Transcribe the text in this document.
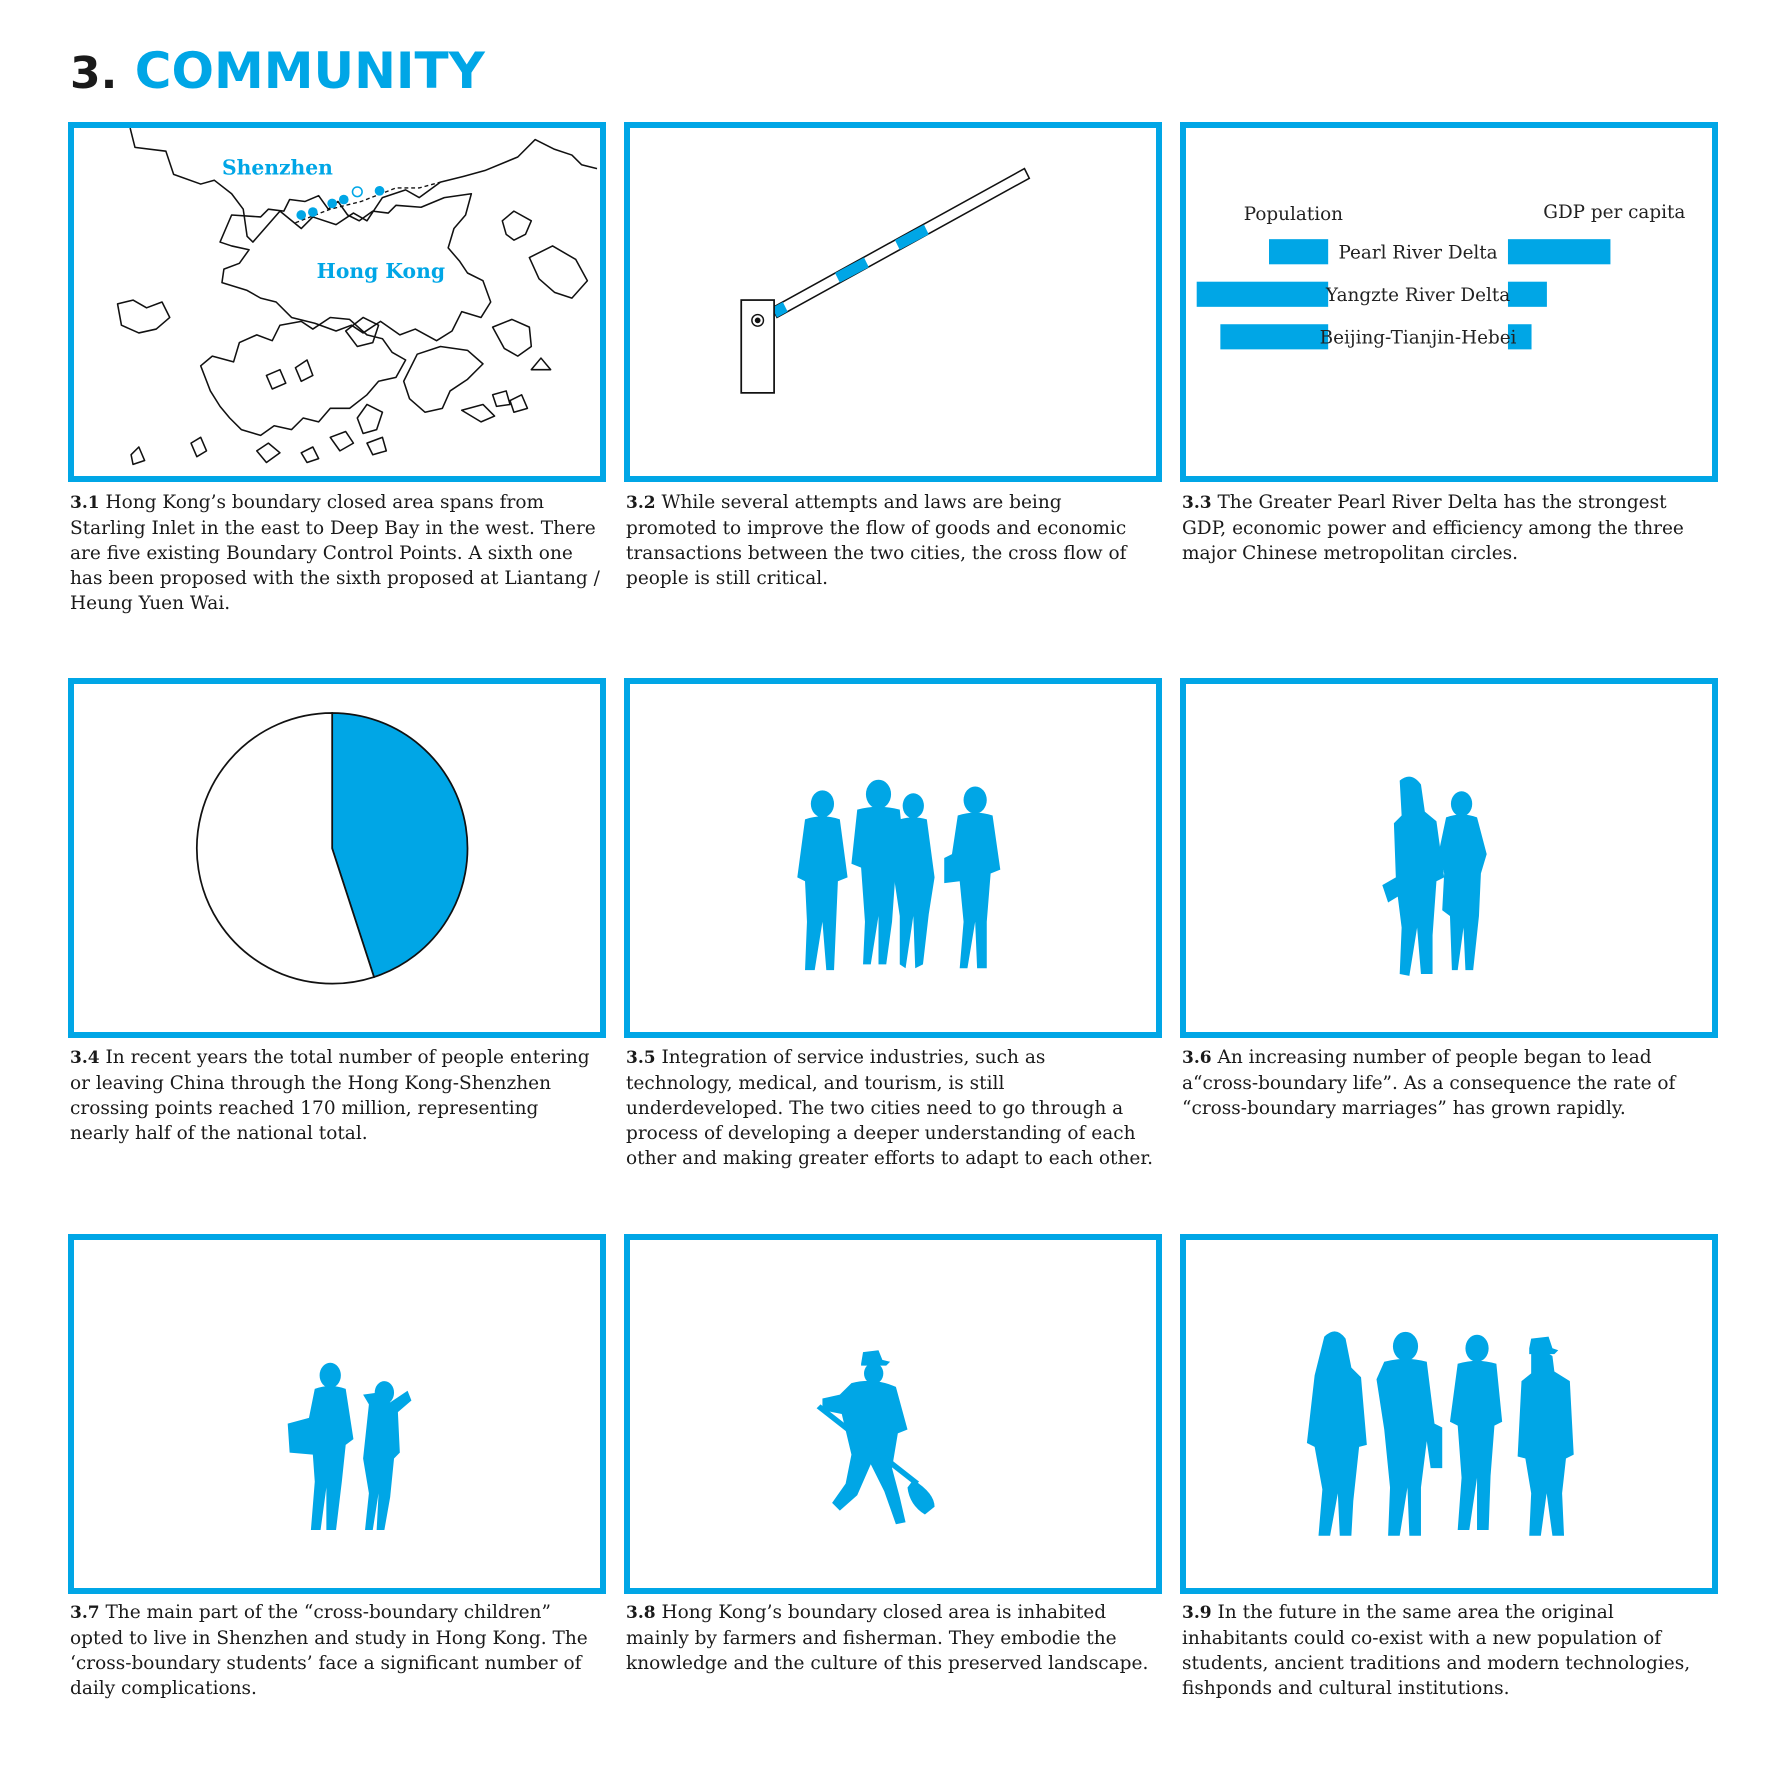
3. COMMUNITY
Shenzhen
Hong Kong
Population	GDP per capita
Pearl River Delta
Yangzte River Delta
Beijing-Tianjin-Hebei
3.1 Hong Kong’s boundary closed area spans from Starling Inlet in the east to Deep Bay in the west. There are five existing Boundary Control Points. A sixth one has been proposed with the sixth proposed at Liantang / Heung Yuen Wai.
3.2 While several attempts and laws are being promoted to improve the flow of goods and economic transactions between the two cities, the cross flow of people is still critical.
3.3 The Greater Pearl River Delta has the strongest GDP, economic power and efficiency among the three major Chinese metropolitan circles.
3.4 In recent years the total number of people entering or leaving China through the Hong Kong-Shenzhen crossing points reached 170 million, representing nearly half of the national total.
3.5 Integration of service industries, such as technology, medical, and tourism, is still underdeveloped. The two cities need to go through a process of developing a deeper understanding of each other and making greater efforts to adapt to each other.
3.6 An increasing number of people began to lead a“cross-boundary life”. As a consequence the rate of “cross-boundary marriages” has grown rapidly.
3.7 The main part of the “cross-boundary children” opted to live in Shenzhen and study in Hong Kong. The ‘cross-boundary students’ face a significant number of daily complications.
3.8 Hong Kong’s boundary closed area is inhabited mainly by farmers and fisherman. They embodie the knowledge and the culture of this preserved landscape.
3.9 In the future in the same area the original inhabitants could co-exist with a new population of students, ancient traditions and modern technologies, fishponds and cultural institutions.
